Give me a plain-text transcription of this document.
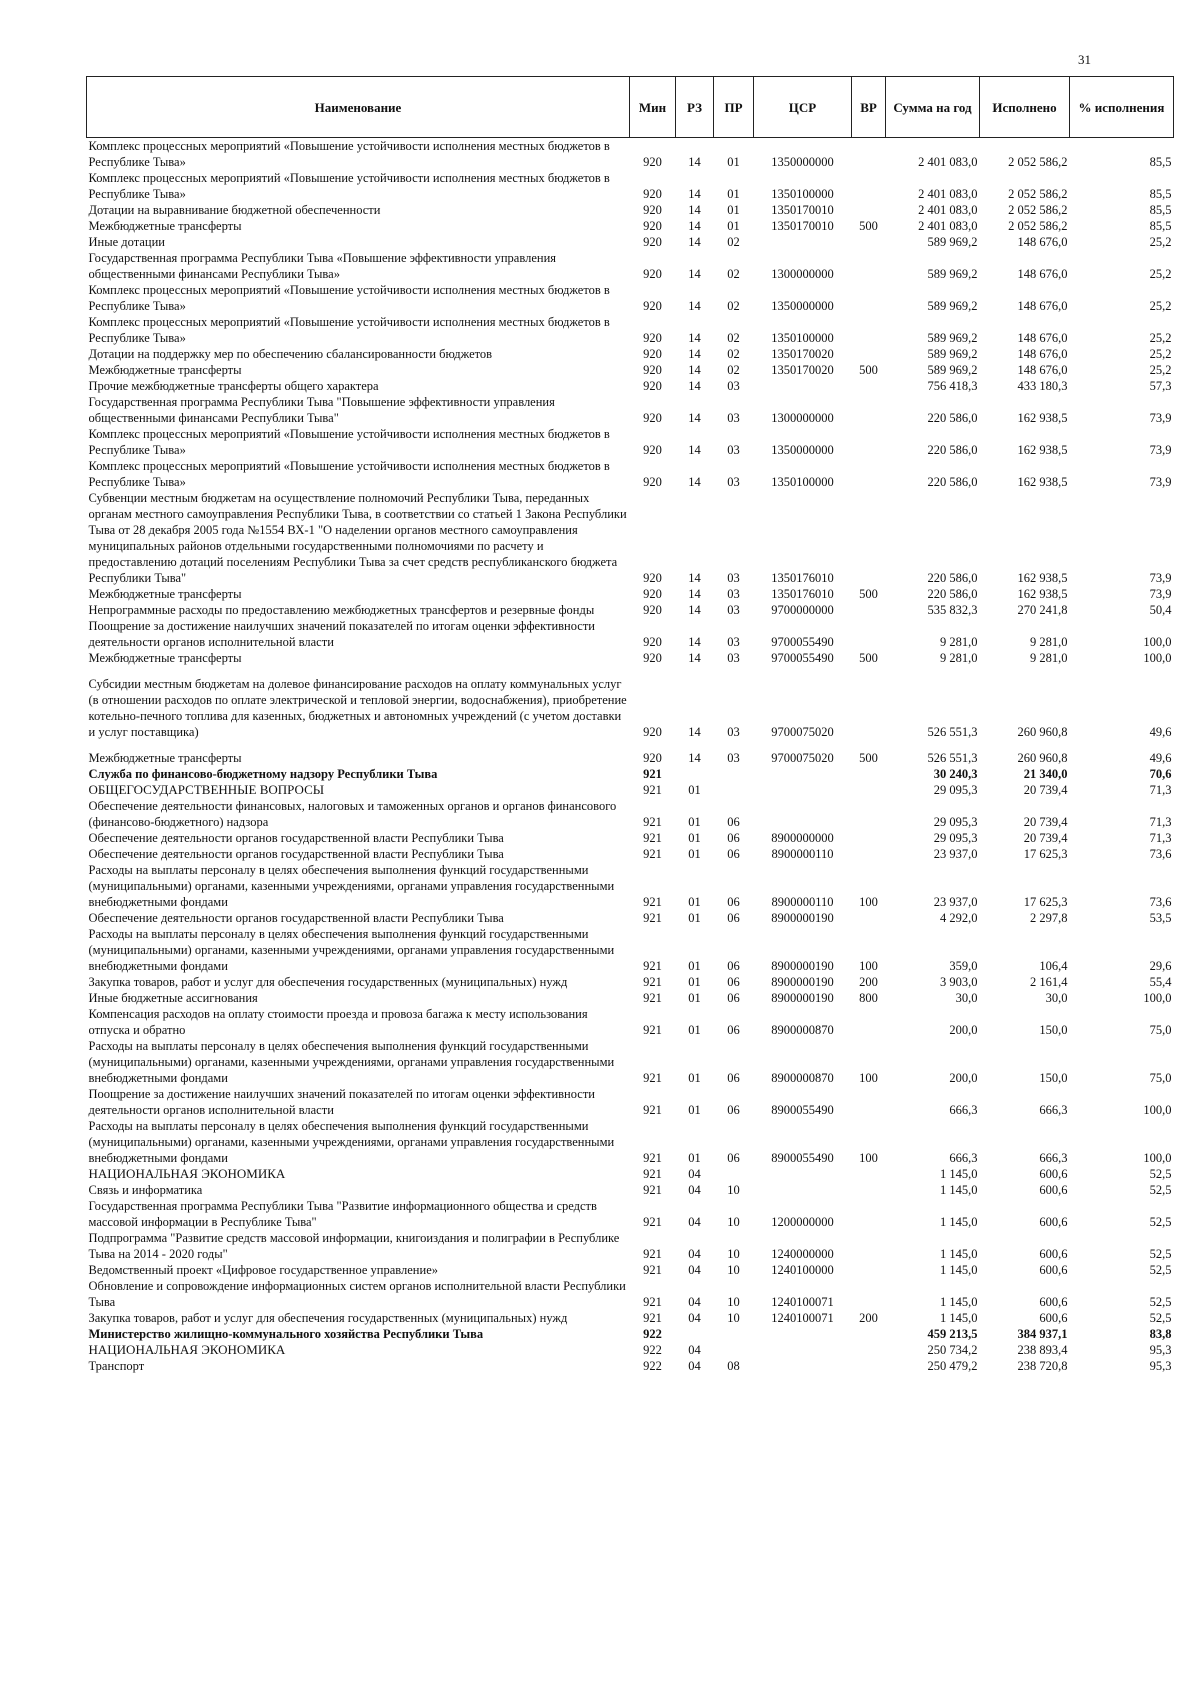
31
Наименование	Мин	РЗ	ПР	ЦСР	ВР	Сумма на год	Исполнено	% исполнения
Комплекс процессных мероприятий «Повышение устойчивости исполнения местных бюджетов в Республике Тыва»	920	14	01	1350000000		2 401 083,0	2 052 586,2	85,5
Комплекс процессных мероприятий «Повышение устойчивости исполнения местных бюджетов в Республике Тыва»	920	14	01	1350100000		2 401 083,0	2 052 586,2	85,5
Дотации на выравнивание бюджетной обеспеченности	920	14	01	1350170010		2 401 083,0	2 052 586,2	85,5
Межбюджетные трансферты	920	14	01	1350170010	500	2 401 083,0	2 052 586,2	85,5
Иные дотации	920	14	02			589 969,2	148 676,0	25,2
Государственная программа Республики Тыва «Повышение эффективности управления общественными финансами Республики Тыва»	920	14	02	1300000000		589 969,2	148 676,0	25,2
Комплекс процессных мероприятий «Повышение устойчивости исполнения местных бюджетов в Республике Тыва»	920	14	02	1350000000		589 969,2	148 676,0	25,2
Комплекс процессных мероприятий «Повышение устойчивости исполнения местных бюджетов в Республике Тыва»	920	14	02	1350100000		589 969,2	148 676,0	25,2
Дотации на поддержку мер по обеспечению сбалансированности бюджетов	920	14	02	1350170020		589 969,2	148 676,0	25,2
Межбюджетные трансферты	920	14	02	1350170020	500	589 969,2	148 676,0	25,2
Прочие межбюджетные трансферты общего характера	920	14	03			756 418,3	433 180,3	57,3
Государственная программа Республики Тыва "Повышение эффективности управления общественными финансами Республики Тыва"	920	14	03	1300000000		220 586,0	162 938,5	73,9
Комплекс процессных мероприятий «Повышение устойчивости исполнения местных бюджетов в Республике Тыва»	920	14	03	1350000000		220 586,0	162 938,5	73,9
Комплекс процессных мероприятий «Повышение устойчивости исполнения местных бюджетов в Республике Тыва»	920	14	03	1350100000		220 586,0	162 938,5	73,9
Субвенции местным бюджетам на осуществление полномочий Республики Тыва, переданных органам местного самоуправления Республики Тыва, в соответствии со статьей 1 Закона Республики Тыва от 28 декабря 2005 года №1554 ВХ-1 "О наделении органов местного самоуправления муниципальных районов отдельными государственными полномочиями по расчету и предоставлению дотаций поселениям Республики Тыва за счет средств республиканского бюджета Республики Тыва"	920	14	03	1350176010		220 586,0	162 938,5	73,9
Межбюджетные трансферты	920	14	03	1350176010	500	220 586,0	162 938,5	73,9
Непрограммные расходы по предоставлению межбюджетных трансфертов и резервные фонды	920	14	03	9700000000		535 832,3	270 241,8	50,4
Поощрение за достижение наилучших значений показателей по итогам оценки эффективности деятельности органов исполнительной власти	920	14	03	9700055490		9 281,0	9 281,0	100,0
Межбюджетные трансферты	920	14	03	9700055490	500	9 281,0	9 281,0	100,0
Субсидии местным бюджетам на долевое финансирование расходов на оплату коммунальных услуг (в отношении расходов по оплате электрической и тепловой энергии, водоснабжения), приобретение котельно-печного топлива для казенных, бюджетных и автономных учреждений (с учетом доставки и услуг поставщика)	920	14	03	9700075020		526 551,3	260 960,8	49,6
Межбюджетные трансферты	920	14	03	9700075020	500	526 551,3	260 960,8	49,6
Служба по финансово-бюджетному надзору Республики Тыва	921					30 240,3	21 340,0	70,6
ОБЩЕГОСУДАРСТВЕННЫЕ ВОПРОСЫ	921	01				29 095,3	20 739,4	71,3
Обеспечение деятельности финансовых, налоговых и таможенных органов и органов финансового (финансово-бюджетного) надзора	921	01	06			29 095,3	20 739,4	71,3
Обеспечение деятельности органов государственной власти Республики Тыва	921	01	06	8900000000		29 095,3	20 739,4	71,3
Обеспечение деятельности органов государственной власти Республики Тыва	921	01	06	8900000110		23 937,0	17 625,3	73,6
Расходы на выплаты персоналу в целях обеспечения выполнения функций государственными (муниципальными) органами, казенными учреждениями, органами управления государственными внебюджетными фондами	921	01	06	8900000110	100	23 937,0	17 625,3	73,6
Обеспечение деятельности органов государственной власти Республики Тыва	921	01	06	8900000190		4 292,0	2 297,8	53,5
Расходы на выплаты персоналу в целях обеспечения выполнения функций государственными (муниципальными) органами, казенными учреждениями, органами управления государственными внебюджетными фондами	921	01	06	8900000190	100	359,0	106,4	29,6
Закупка товаров, работ и услуг для обеспечения государственных (муниципальных) нужд	921	01	06	8900000190	200	3 903,0	2 161,4	55,4
Иные бюджетные ассигнования	921	01	06	8900000190	800	30,0	30,0	100,0
Компенсация расходов на оплату стоимости проезда и провоза багажа к месту использования отпуска и обратно	921	01	06	8900000870		200,0	150,0	75,0
Расходы на выплаты персоналу в целях обеспечения выполнения функций государственными (муниципальными) органами, казенными учреждениями, органами управления государственными внебюджетными фондами	921	01	06	8900000870	100	200,0	150,0	75,0
Поощрение за достижение наилучших значений показателей по итогам оценки эффективности деятельности органов исполнительной власти	921	01	06	8900055490		666,3	666,3	100,0
Расходы на выплаты персоналу в целях обеспечения выполнения функций государственными (муниципальными) органами, казенными учреждениями, органами управления государственными внебюджетными фондами	921	01	06	8900055490	100	666,3	666,3	100,0
НАЦИОНАЛЬНАЯ ЭКОНОМИКА	921	04				1 145,0	600,6	52,5
Связь и информатика	921	04	10			1 145,0	600,6	52,5
Государственная программа Республики Тыва "Развитие информационного общества и средств массовой информации в Республике Тыва"	921	04	10	1200000000		1 145,0	600,6	52,5
Подпрограмма "Развитие средств массовой информации, книгоиздания и полиграфии в Республике Тыва на 2014 - 2020 годы"	921	04	10	1240000000		1 145,0	600,6	52,5
Ведомственный проект «Цифровое государственное управление»	921	04	10	1240100000		1 145,0	600,6	52,5
Обновление и сопровождение информационных систем органов исполнительной власти Республики Тыва	921	04	10	1240100071		1 145,0	600,6	52,5
Закупка товаров, работ и услуг для обеспечения государственных (муниципальных) нужд	921	04	10	1240100071	200	1 145,0	600,6	52,5
Министерство жилищно-коммунального хозяйства Республики Тыва	922					459 213,5	384 937,1	83,8
НАЦИОНАЛЬНАЯ ЭКОНОМИКА	922	04				250 734,2	238 893,4	95,3
Транспорт	922	04	08			250 479,2	238 720,8	95,3
